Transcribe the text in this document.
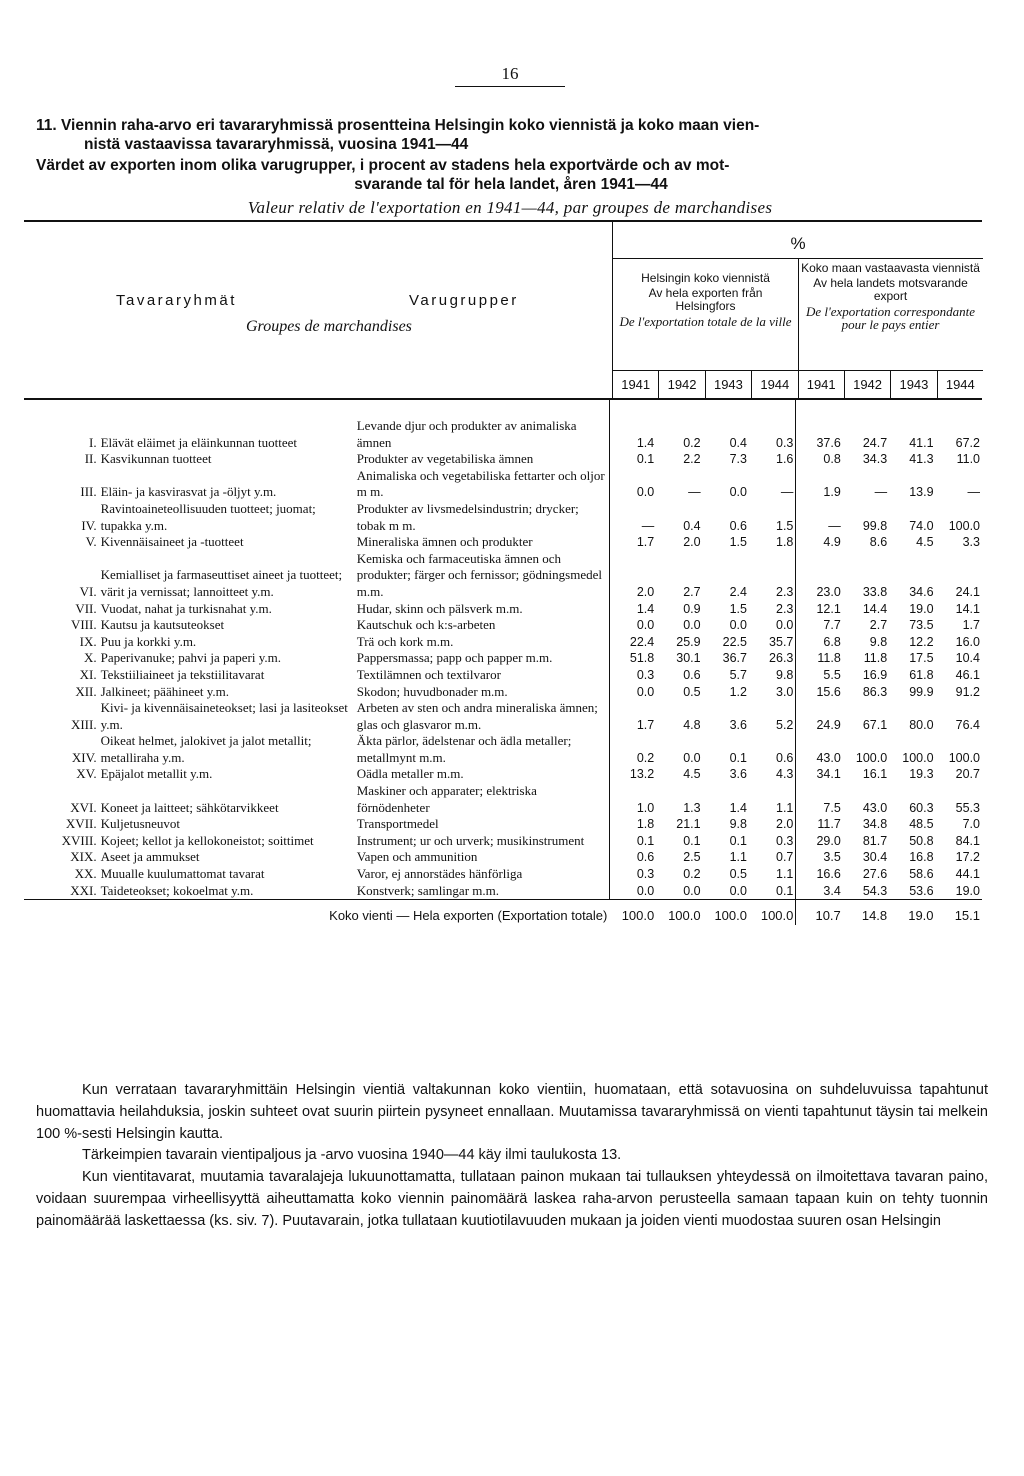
16
11. Viennin raha-arvo eri tavararyhmissä prosentteina Helsingin koko viennistä ja koko maan vien-
nistä vastaavissa tavararyhmissä, vuosina 1941—44
Värdet av exporten inom olika varugrupper, i procent av stadens hela exportvärde och av mot-
svarande tal för hela landet, åren 1941—44
Valeur relativ de l'exportation en 1941—44, par groupes de marchandises
Tavararyhmät	Varugrupper
Groupes de marchandises
%
Helsingin koko viennistä

Av hela exporten från Helsingfors

De l'exportation totale de la ville

Koko maan vastaavasta viennistä

Av hela landets motsvarande export

De l'exportation correspondante pour le pays entier

1941	1942	1943	1944	1941	1942	1943	1944
I.	Elävät eläimet ja eläinkunnan tuotteet	Levande djur och produkter av animaliska ämnen	1.4	0.2	0.4	0.3	37.6	24.7	41.1	67.2
II.	Kasvikunnan tuotteet	Produkter av vegetabiliska ämnen	0.1	2.2	7.3	1.6	0.8	34.3	41.3	11.0
III.	Eläin- ja kasvirasvat ja -öljyt y.m.	Animaliska och vegetabiliska fettarter och oljor m m.	0.0	—	0.0	—	1.9	—	13.9	—
IV.	Ravintoaineteollisuuden tuotteet; juomat; tupakka y.m.	Produkter av livsmedelsindustrin; drycker; tobak m m.	—	0.4	0.6	1.5	—	99.8	74.0	100.0
V.	Kivennäisaineet ja -tuotteet	Mineraliska ämnen och produkter	1.7	2.0	1.5	1.8	4.9	8.6	4.5	3.3
VI.	Kemialliset ja farmaseuttiset aineet ja tuotteet; värit ja vernissat; lannoitteet y.m.	Kemiska och farmaceutiska ämnen och produkter; färger och fernissor; gödningsmedel m.m.	2.0	2.7	2.4	2.3	23.0	33.8	34.6	24.1
VII.	Vuodat, nahat ja turkisnahat y.m.	Hudar, skinn och pälsverk m.m.	1.4	0.9	1.5	2.3	12.1	14.4	19.0	14.1
VIII.	Kautsu ja kautsuteokset	Kautschuk och k:s-arbeten	0.0	0.0	0.0	0.0	7.7	2.7	73.5	1.7
IX.	Puu ja korkki y.m.	Trä och kork m.m.	22.4	25.9	22.5	35.7	6.8	9.8	12.2	16.0
X.	Paperivanuke; pahvi ja paperi y.m.	Pappersmassa; papp och papper m.m.	51.8	30.1	36.7	26.3	11.8	11.8	17.5	10.4
XI.	Tekstiiliaineet ja tekstiilitavarat	Textilämnen och textilvaror	0.3	0.6	5.7	9.8	5.5	16.9	61.8	46.1
XII.	Jalkineet; päähineet y.m.	Skodon; huvudbonader m.m.	0.0	0.5	1.2	3.0	15.6	86.3	99.9	91.2
XIII.	Kivi- ja kivennäisaineteokset; lasi ja lasiteokset y.m.	Arbeten av sten och andra mineraliska ämnen; glas och glasvaror m.m.	1.7	4.8	3.6	5.2	24.9	67.1	80.0	76.4
XIV.	Oikeat helmet, jalokivet ja jalot metallit; metalliraha y.m.	Äkta pärlor, ädelstenar och ädla metaller; metallmynt m.m.	0.2	0.0	0.1	0.6	43.0	100.0	100.0	100.0
XV.	Epäjalot metallit y.m.	Oädla metaller m.m.	13.2	4.5	3.6	4.3	34.1	16.1	19.3	20.7
XVI.	Koneet ja laitteet; sähkötarvikkeet	Maskiner och apparater; elektriska förnödenheter	1.0	1.3	1.4	1.1	7.5	43.0	60.3	55.3
XVII.	Kuljetusneuvot	Transportmedel	1.8	21.1	9.8	2.0	11.7	34.8	48.5	7.0
XVIII.	Kojeet; kellot ja kellokoneistot; soittimet	Instrument; ur och urverk; musikinstrument	0.1	0.1	0.1	0.3	29.0	81.7	50.8	84.1
XIX.	Aseet ja ammukset	Vapen och ammunition	0.6	2.5	1.1	0.7	3.5	30.4	16.8	17.2
XX.	Muualle kuulumattomat tavarat	Varor, ej annorstädes hänförliga	0.3	0.2	0.5	1.1	16.6	27.6	58.6	44.1
XXI.	Taideteokset; kokoelmat y.m.	Konstverk; samlingar m.m.	0.0	0.0	0.0	0.1	3.4	54.3	53.6	19.0
Koko vienti — Hela exporten (Exportation totale)			100.0	100.0	100.0	100.0	10.7	14.8	19.0	15.1

Kun verrataan tavararyhmittäin Helsingin vientiä valtakunnan koko vientiin, huomataan, että sotavuosina on suhdeluvuissa tapahtunut huomattavia heilahduksia, joskin suhteet ovat suurin piirtein pysyneet ennallaan. Muutamissa tavararyhmissä on vienti tapahtunut täysin tai melkein 100 %-sesti Helsingin kautta.

Tärkeimpien tavarain vientipaljous ja -arvo vuosina 1940—44 käy ilmi taulukosta 13.

Kun vientitavarat, muutamia tavaralajeja lukuunottamatta, tullataan painon mukaan tai tullauksen yhteydessä on ilmoitettava tavaran paino, voidaan suurempaa virheellisyyttä aiheuttamatta koko viennin painomäärä laskea raha-arvon perusteella samaan tapaan kuin on tehty tuonnin painomäärää laskettaessa (ks. siv. 7). Puutavarain, jotka tullataan kuutiotilavuuden mukaan ja joiden vienti muodostaa suuren osan Helsingin
